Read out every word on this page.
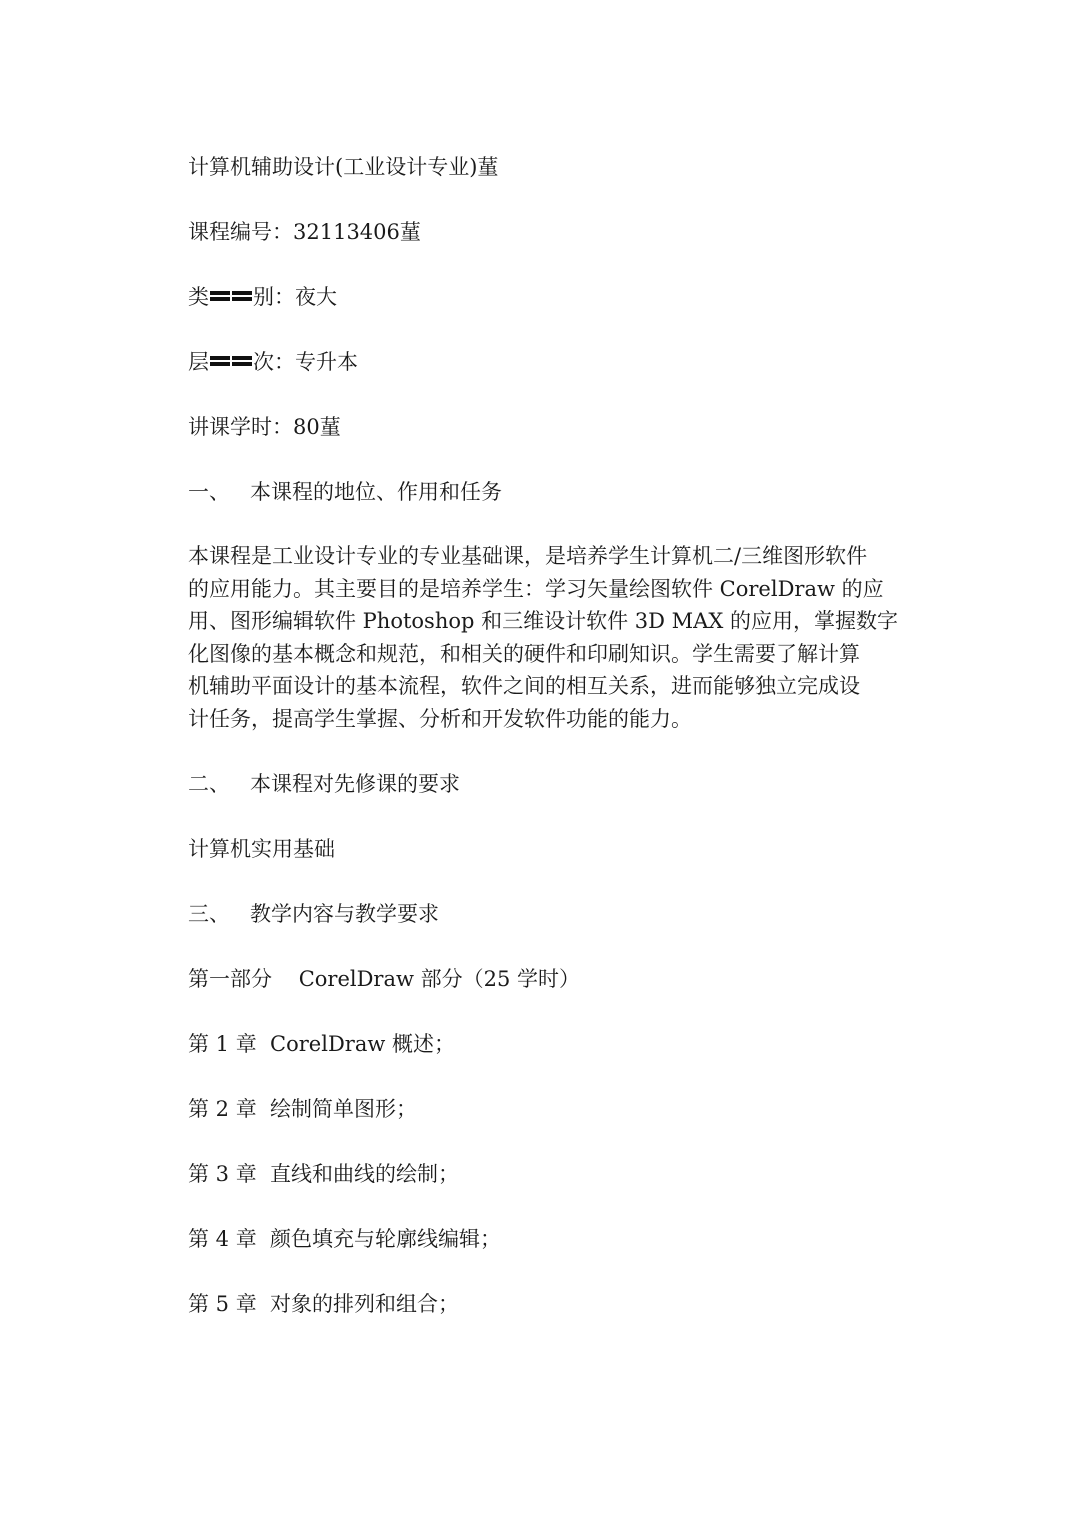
计算机辅助设计(工业设计专业)蓳
课程编号：32113406蓳
类 别：夜大
层 次：专升本
讲课学时：80蓳
一、   本课程的地位、作用和任务
本课程是工业设计专业的专业基础课，是培养学生计算机二/三维图形软件
的应用能力。其主要目的是培养学生：学习矢量绘图软件 CorelDraw 的应
用、图形编辑软件 Photoshop 和三维设计软件 3D MAX 的应用，掌握数字
化图像的基本概念和规范，和相关的硬件和印刷知识。学生需要了解计算
机辅助平面设计的基本流程，软件之间的相互关系，进而能够独立完成设
计任务，提高学生掌握、分析和开发软件功能的能力。
二、   本课程对先修课的要求
计算机实用基础
三、   教学内容与教学要求
第一部分    CorelDraw 部分（25 学时）
第 1 章  CorelDraw 概述；
第 2 章  绘制简单图形；
第 3 章  直线和曲线的绘制；
第 4 章  颜色填充与轮廓线编辑；
第 5 章  对象的排列和组合；
